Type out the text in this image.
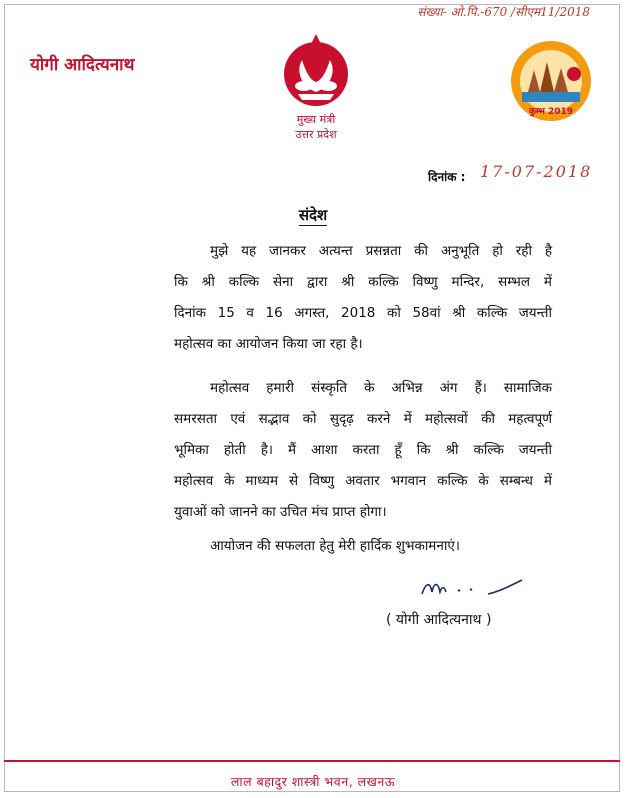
संख्या- ओ.पि.-670 /सीएम11/2018
योगी आदित्यनाथ
मुख्य मंत्री
उत्तर प्रदेश
कुम्भ 2019
दिनांक : 17-07-2018
संदेश
मुझे यह जानकर अत्यन्त प्रसन्नता की अनुभूति हो रही है
कि श्री कल्कि सेना द्वारा श्री कल्कि विष्णु मन्दिर, सम्भल में
दिनांक 15 व 16 अगस्त, 2018 को 58वां श्री कल्कि जयन्ती
महोत्सव का आयोजन किया जा रहा है।
महोत्सव हमारी संस्कृति के अभिन्न अंग हैं। सामाजिक
समरसता एवं सद्भाव को सुदृढ़ करने में महोत्सवों की महत्वपूर्ण
भूमिका होती है। मैं आशा करता हूँ कि श्री कल्कि जयन्ती
महोत्सव के माध्यम से विष्णु अवतार भगवान कल्कि के सम्बन्ध में
युवाओं को जानने का उचित मंच प्राप्त होगा।
आयोजन की सफलता हेतु मेरी हार्दिक शुभकामनाएं।
( योगी आदित्यनाथ )
लाल बहादुर शास्त्री भवन, लखनऊ
